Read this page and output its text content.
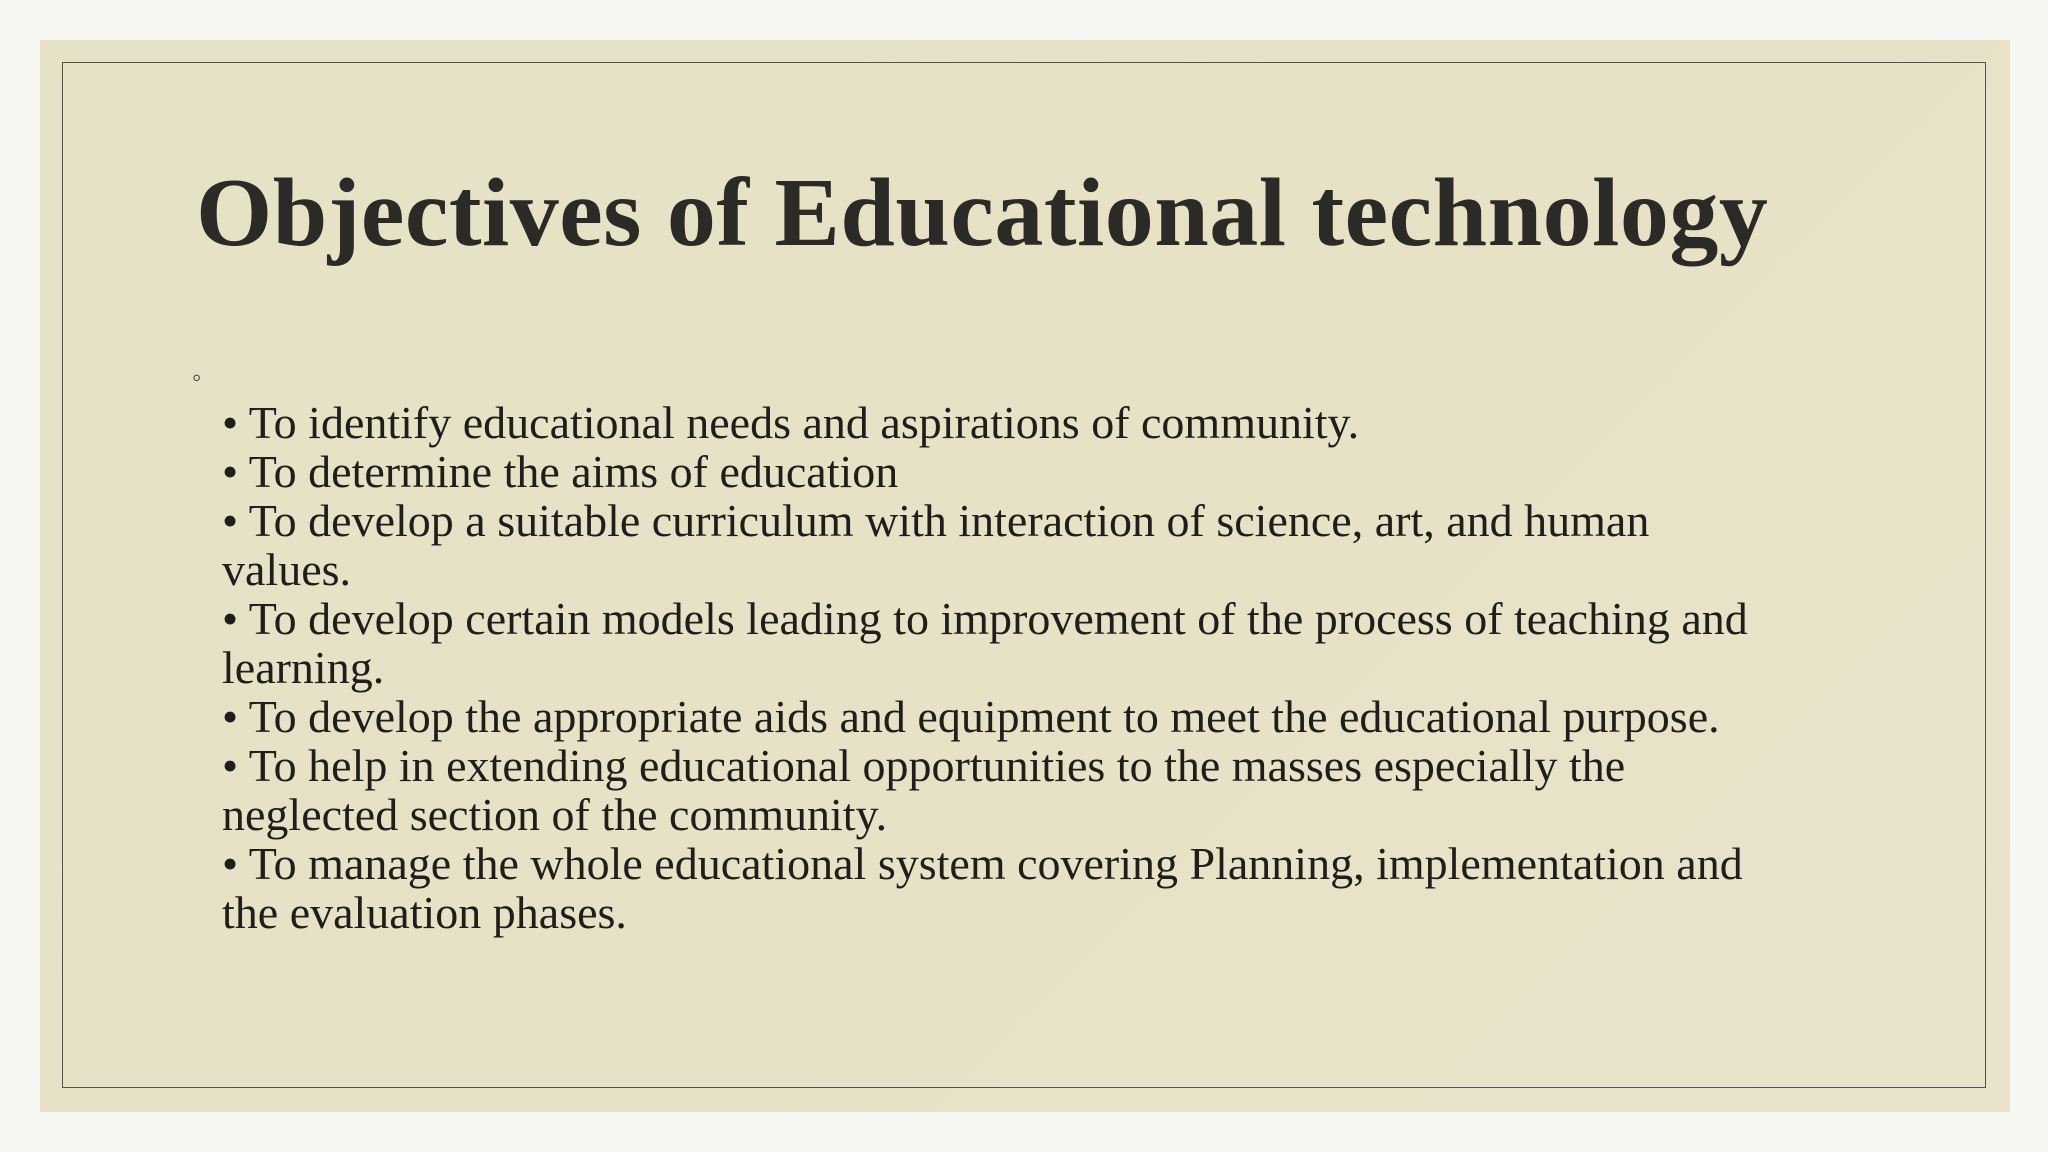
Objectives of Educational technology
◦
• To identify educational needs and aspirations of community.
• To determine the aims of education
• To develop a suitable curriculum with interaction of science, art, and human values.
• To develop certain models leading to improvement of the process of teaching and learning.
• To develop the appropriate aids and equipment to meet the educational purpose.
• To help in extending educational opportunities to the masses especially the neglected section of the community.
• To manage the whole educational system covering Planning, implementation and the evaluation phases.
